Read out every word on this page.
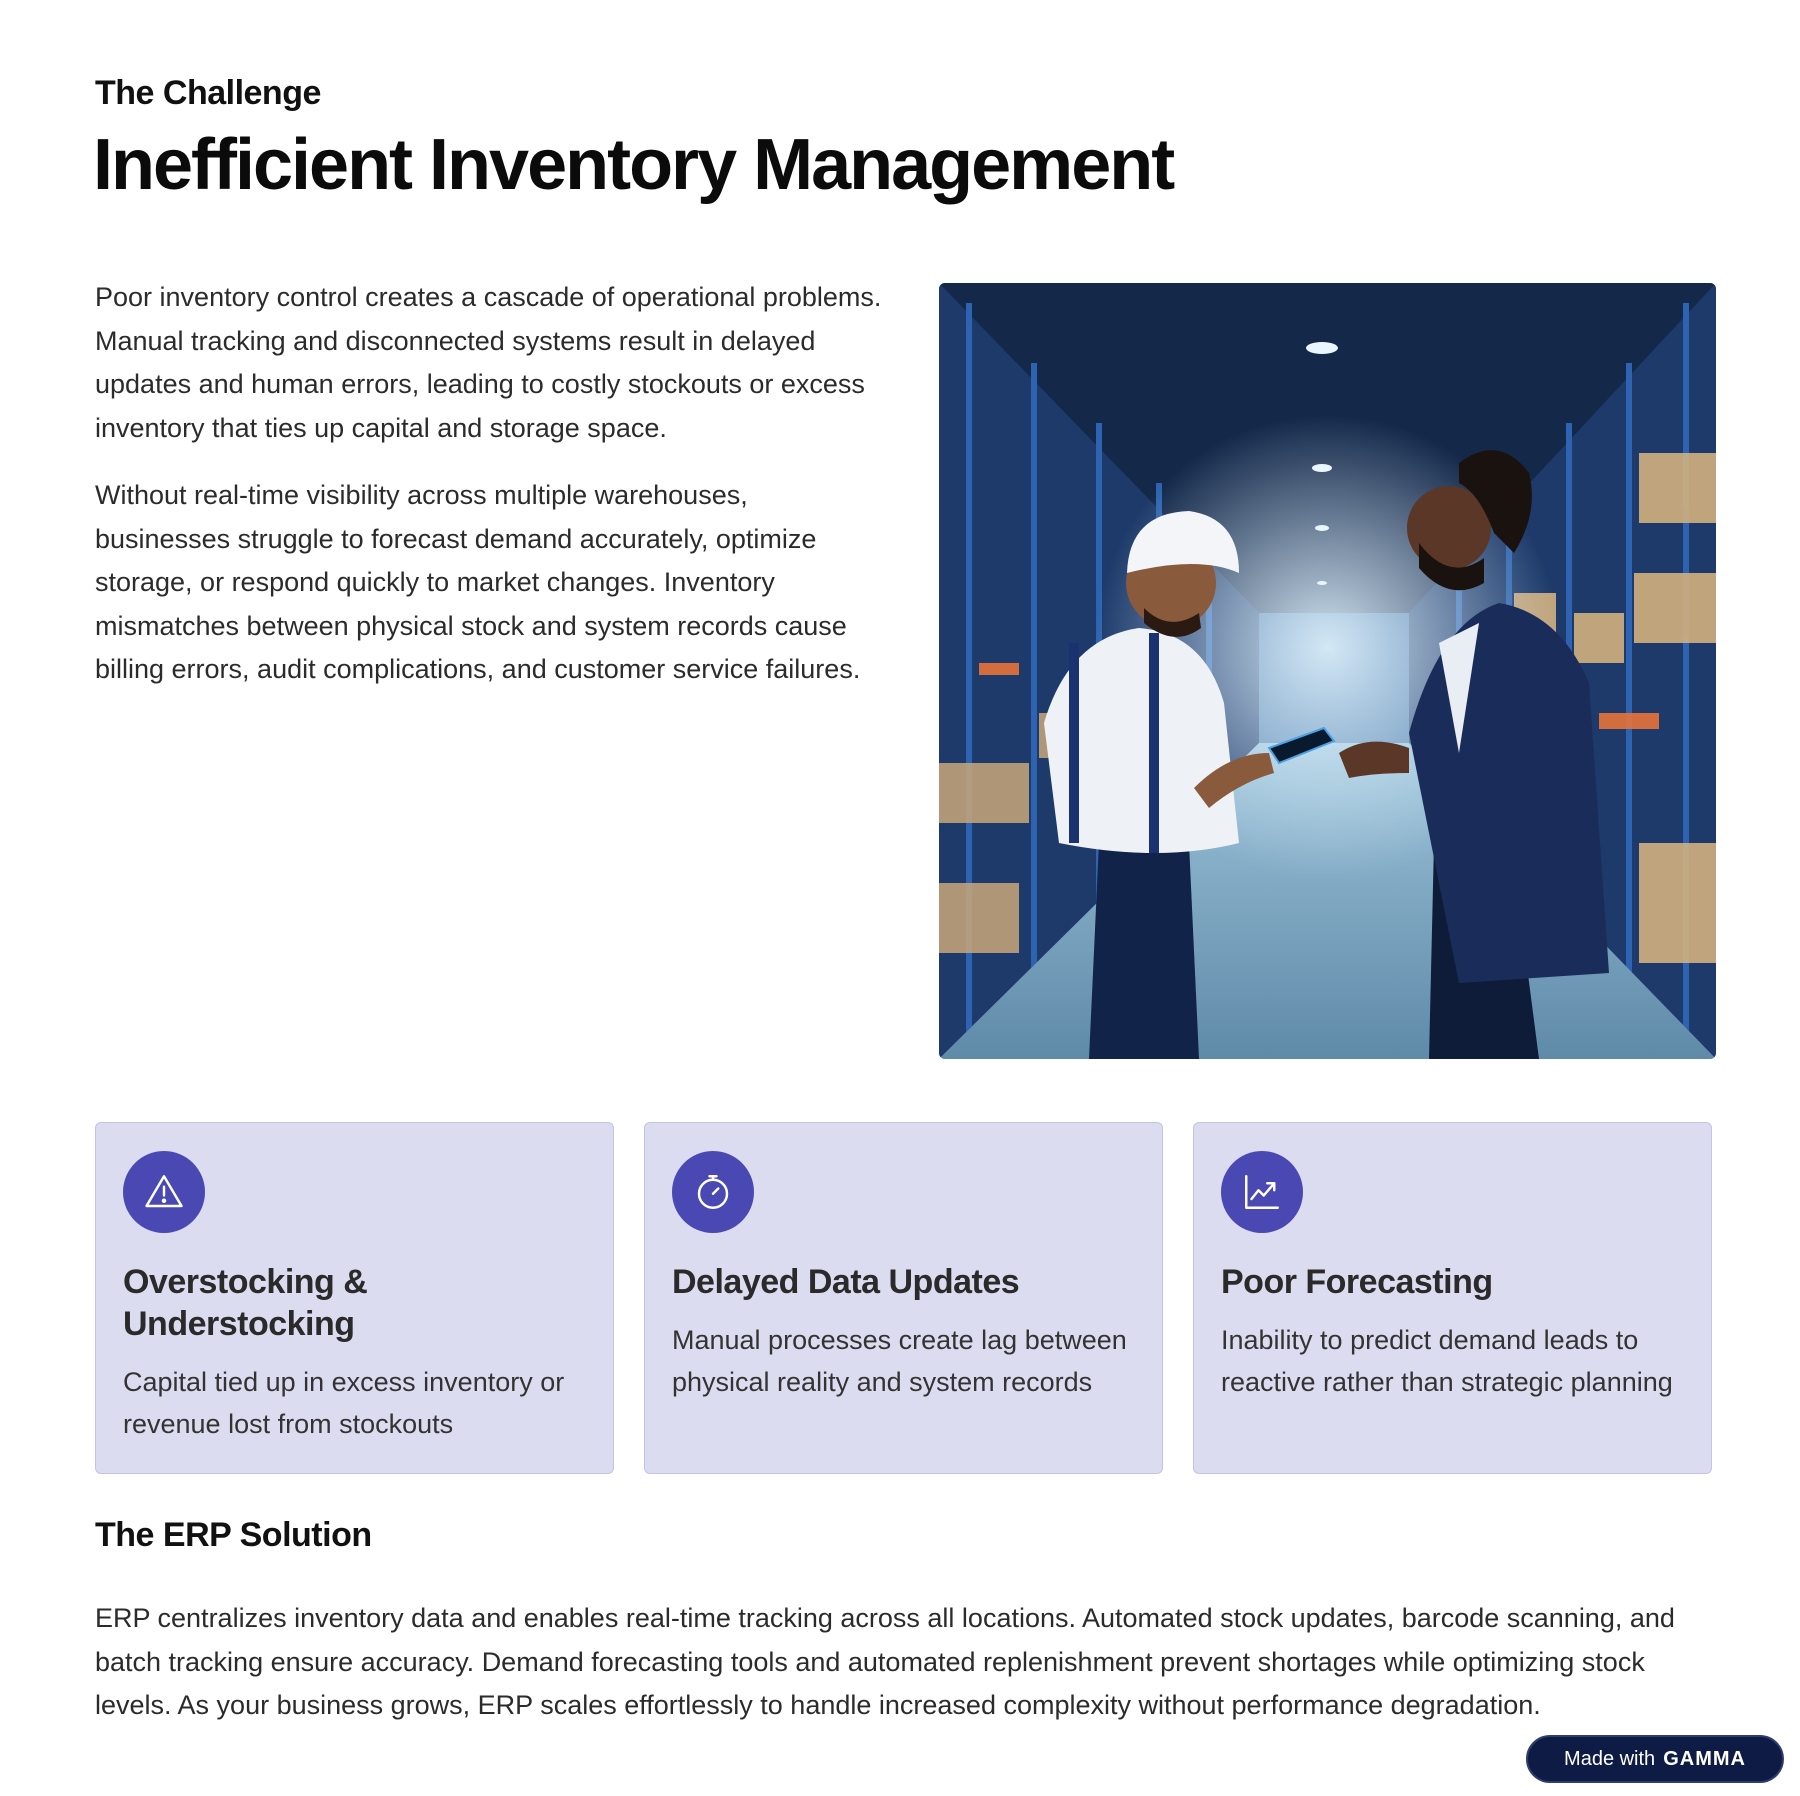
The Challenge
Inefficient Inventory Management

Poor inventory control creates a cascade of operational problems. Manual tracking and disconnected systems result in delayed updates and human errors, leading to costly stockouts or excess inventory that ties up capital and storage space.

Without real-time visibility across multiple warehouses, businesses struggle to forecast demand accurately, optimize storage, or respond quickly to market changes. Inventory mismatches between physical stock and system records cause billing errors, audit complications, and customer service failures.

Overstocking & Understocking

Capital tied up in excess inventory or revenue lost from stockouts

Delayed Data Updates

Manual processes create lag between physical reality and system records

Poor Forecasting

Inability to predict demand leads to reactive rather than strategic planning

The ERP Solution

ERP centralizes inventory data and enables real-time tracking across all locations. Automated stock updates, barcode scanning, and batch tracking ensure accuracy. Demand forecasting tools and automated replenishment prevent shortages while optimizing stock levels. As your business grows, ERP scales effortlessly to handle increased complexity without performance degradation.

Made with GAMMA
